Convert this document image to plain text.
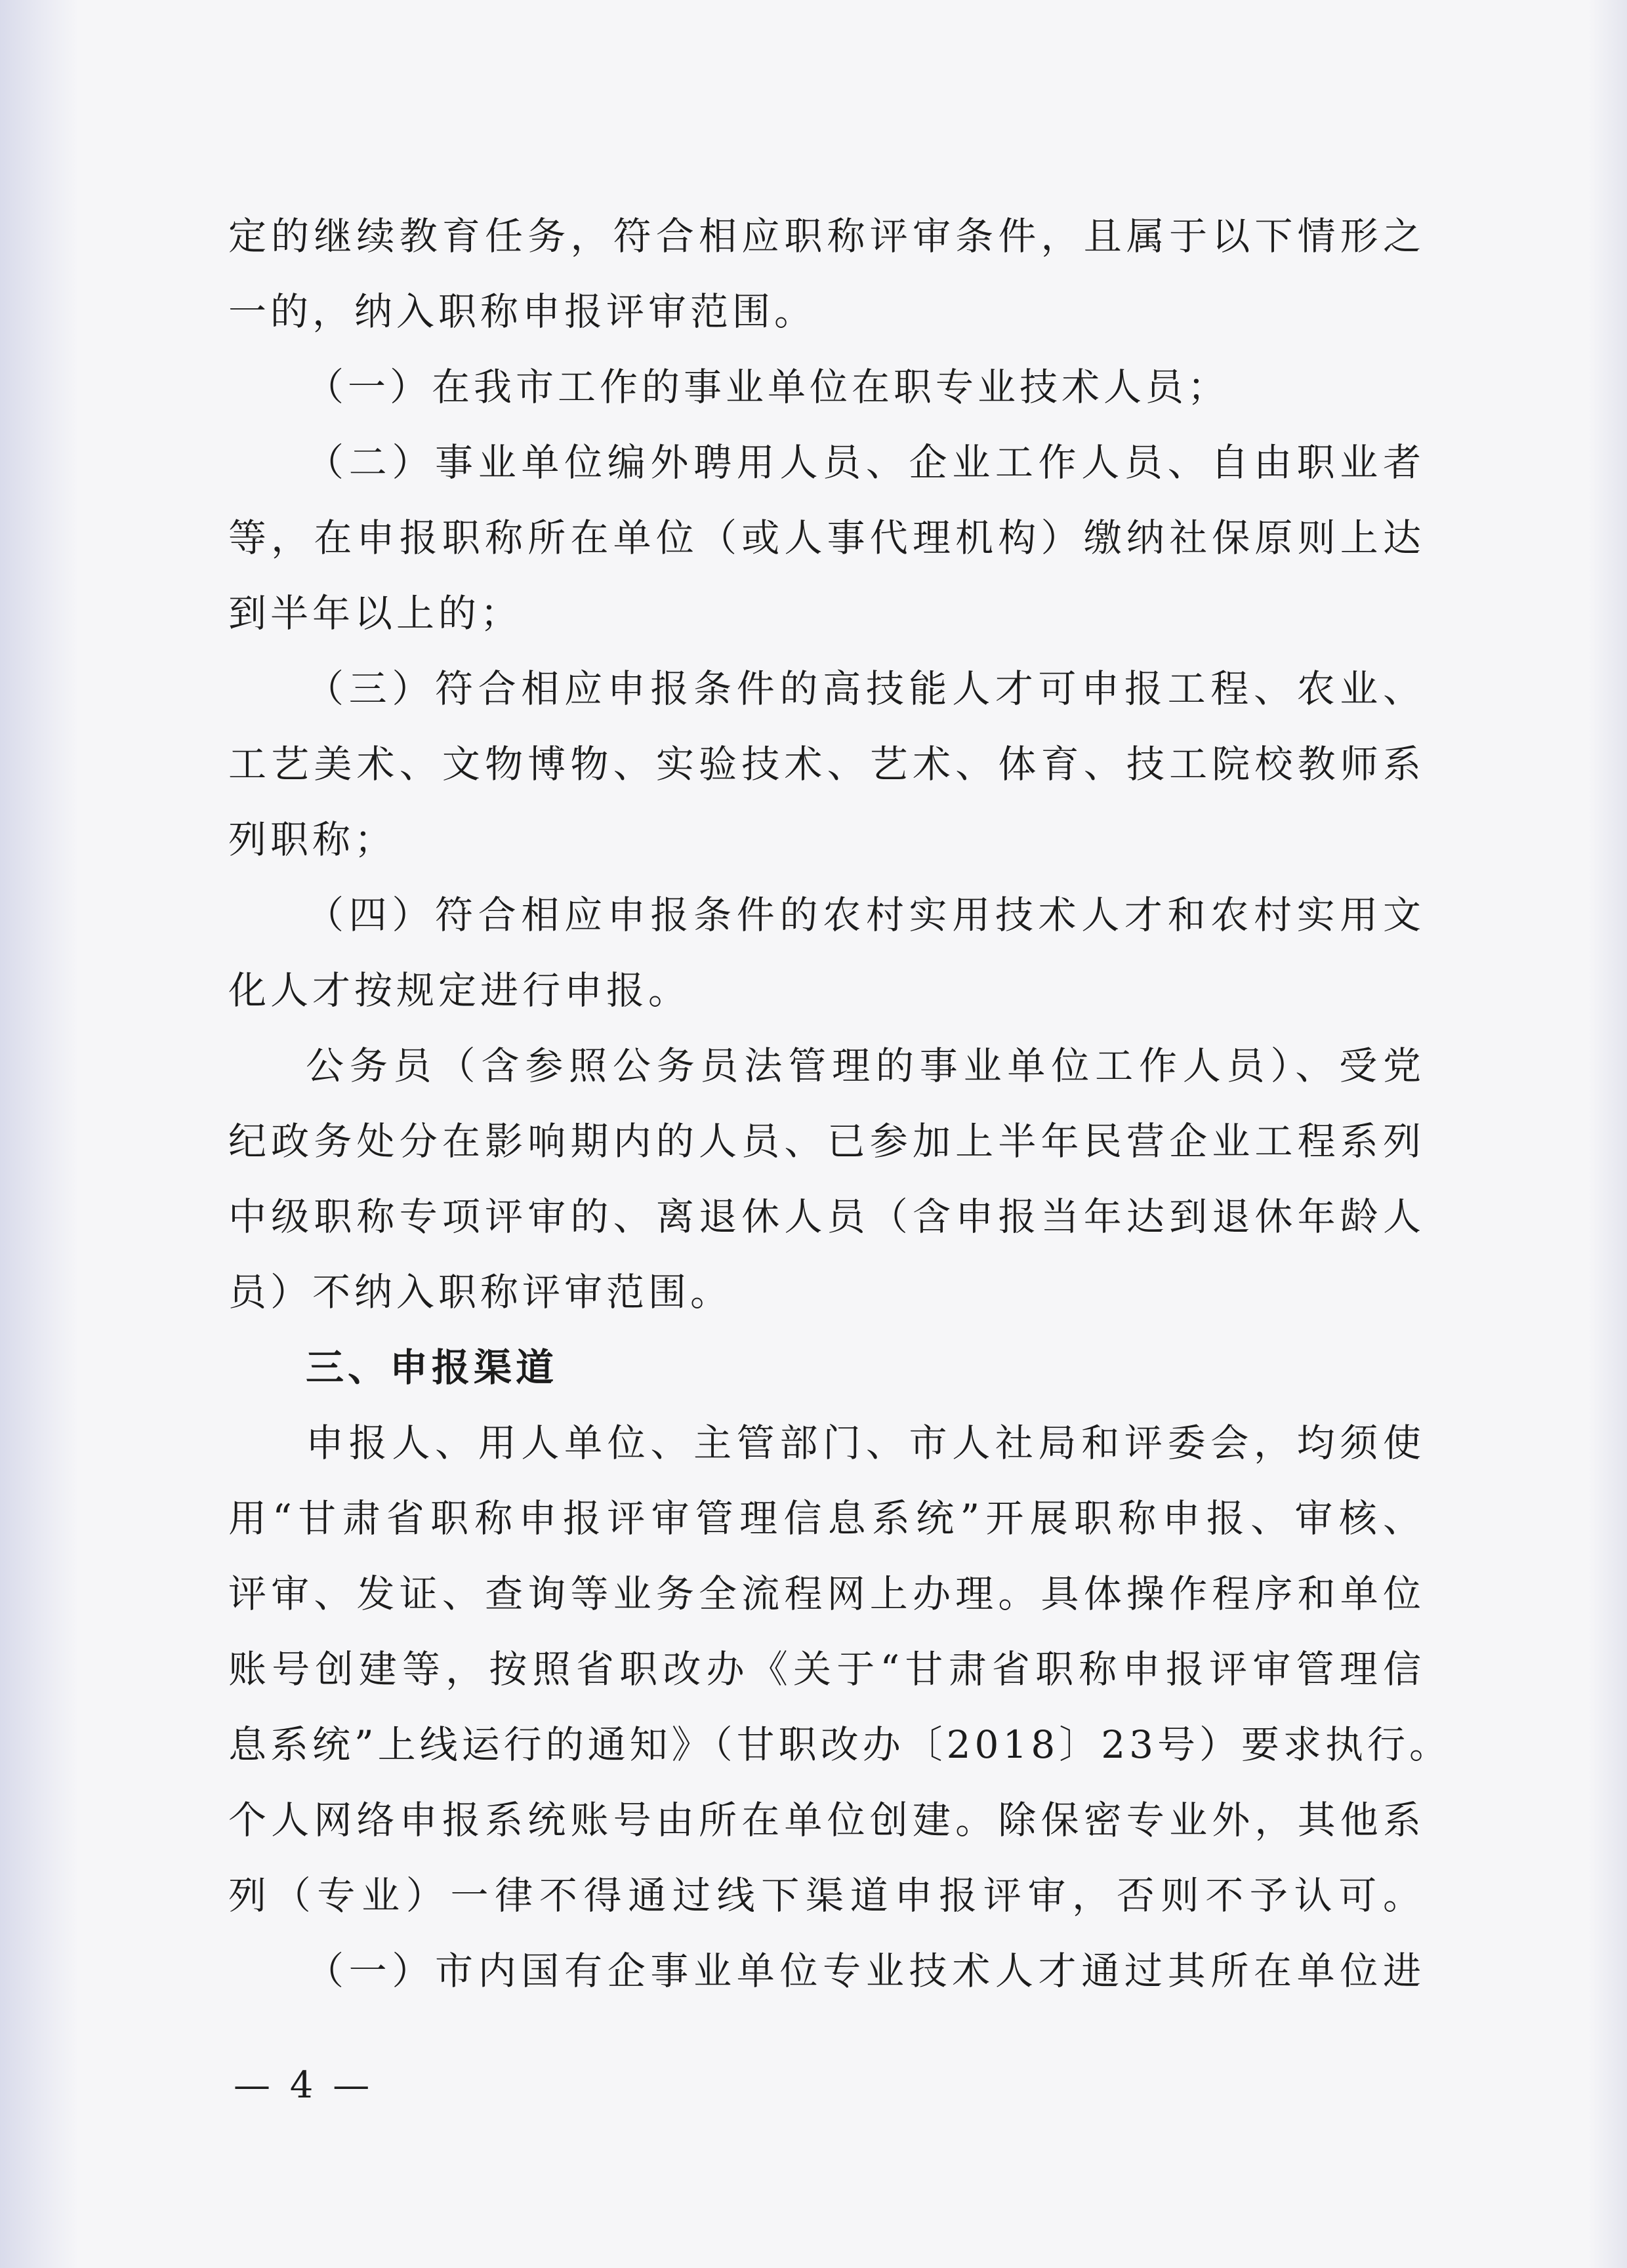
定的继续教育任务，符合相应职称评审条件，且属于以下情形之
一的，纳入职称申报评审范围。
（一）在我市工作的事业单位在职专业技术人员；
（二）事业单位编外聘用人员、企业工作人员、自由职业者
等，在申报职称所在单位（或人事代理机构）缴纳社保原则上达
到半年以上的；
（三）符合相应申报条件的高技能人才可申报工程、农业、
工艺美术、文物博物、实验技术、艺术、体育、技工院校教师系
列职称；
（四）符合相应申报条件的农村实用技术人才和农村实用文
化人才按规定进行申报。
公务员（含参照公务员法管理的事业单位工作人员）、受党
纪政务处分在影响期内的人员、已参加上半年民营企业工程系列
中级职称专项评审的、离退休人员（含申报当年达到退休年龄人
员）不纳入职称评审范围。
三、申报渠道
申报人、用人单位、主管部门、市人社局和评委会，均须使
用“甘肃省职称申报评审管理信息系统”开展职称申报、审核、
评审、发证、查询等业务全流程网上办理。具体操作程序和单位
账号创建等，按照省职改办《关于“甘肃省职称申报评审管理信
息系统”上线运行的通知》（甘职改办〔2018〕23号）要求执行。
个人网络申报系统账号由所在单位创建。除保密专业外，其他系
列（专业）一律不得通过线下渠道申报评审，否则不予认可。
（一）市内国有企事业单位专业技术人才通过其所在单位进
— 4 —
